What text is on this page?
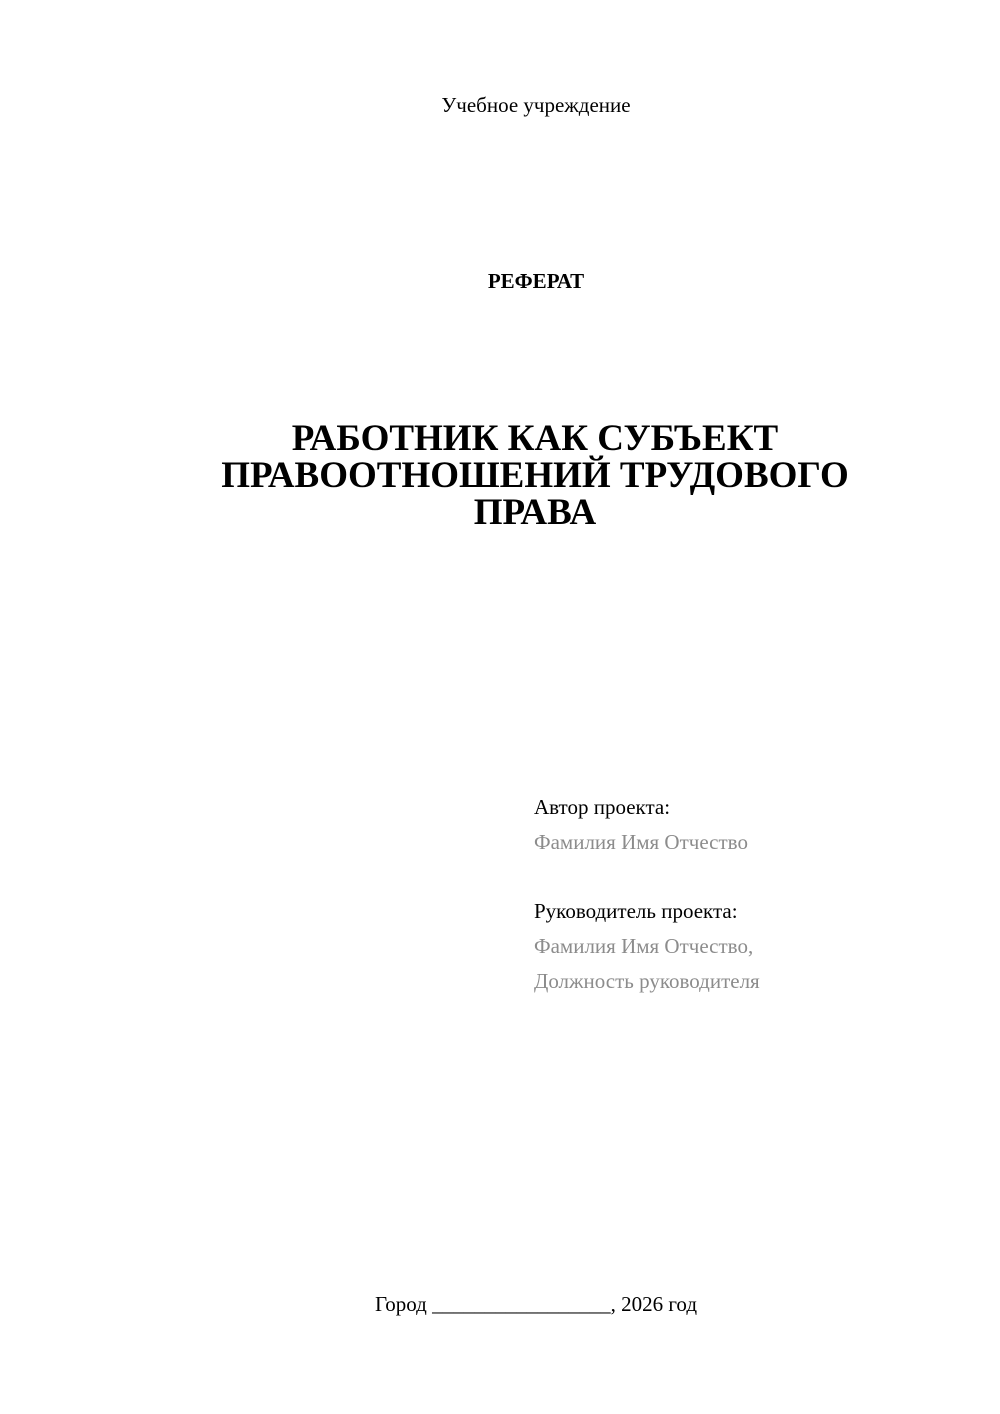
Учебное учреждение
РЕФЕРАТ
РАБОТНИК КАК СУБЪЕКТ
ПРАВООТНОШЕНИЙ ТРУДОВОГО
ПРАВА
Автор проекта:
Фамилия Имя Отчество
Руководитель проекта:
Фамилия Имя Отчество,
Должность руководителя
Город _________________, 2026 год
